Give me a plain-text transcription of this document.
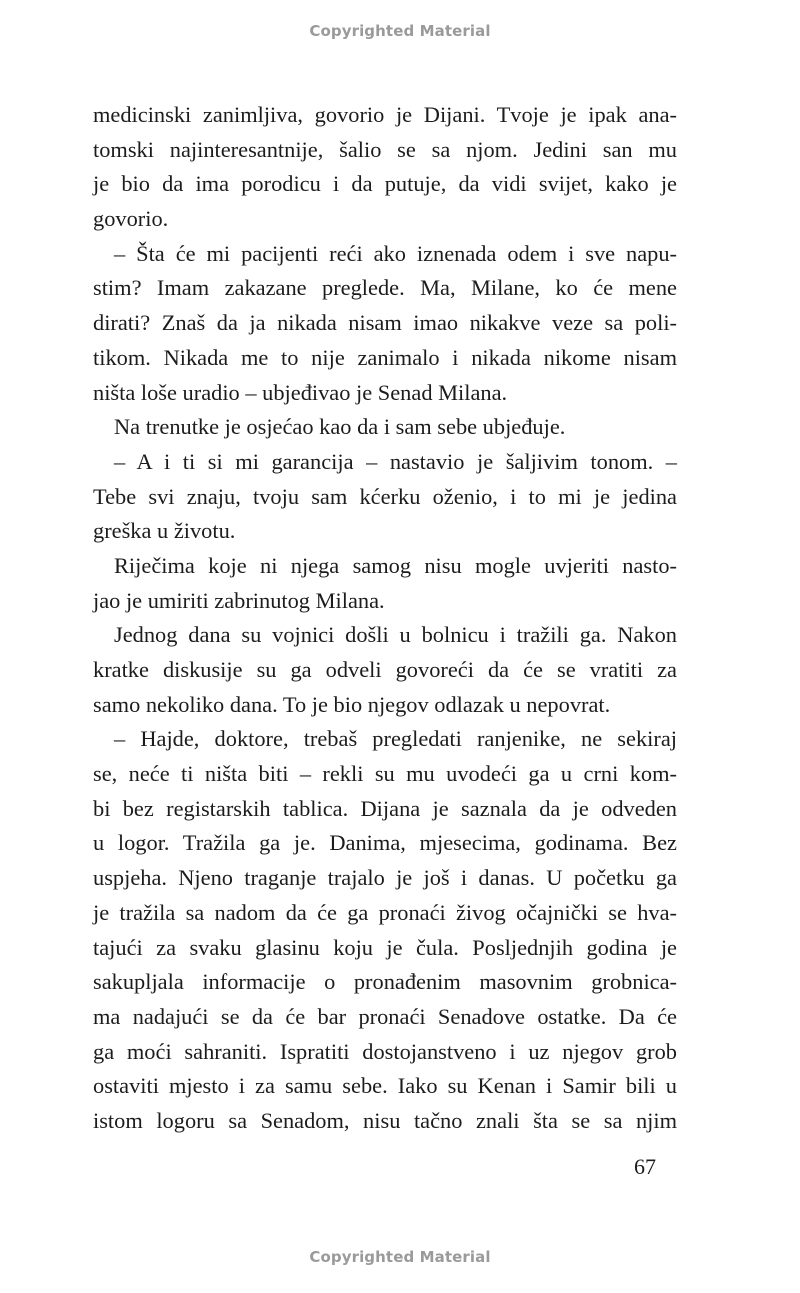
Copyrighted Material
medicinski zanimljiva, govorio je Dijani. Tvoje je ipak ana-
tomski najinteresantnije, šalio se sa njom. Jedini san mu
je bio da ima porodicu i da putuje, da vidi svijet, kako je
govorio.
– Šta će mi pacijenti reći ako iznenada odem i sve napu-
stim? Imam zakazane preglede. Ma, Milane, ko će mene
dirati? Znaš da ja nikada nisam imao nikakve veze sa poli-
tikom. Nikada me to nije zanimalo i nikada nikome nisam
ništa loše uradio – ubjeđivao je Senad Milana.
Na trenutke je osjećao kao da i sam sebe ubjeđuje.
– A i ti si mi garancija – nastavio je šaljivim tonom. –
Tebe svi znaju, tvoju sam kćerku oženio, i to mi je jedina
greška u životu.
Riječima koje ni njega samog nisu mogle uvjeriti nasto-
jao je umiriti zabrinutog Milana.
Jednog dana su vojnici došli u bolnicu i tražili ga. Nakon
kratke diskusije su ga odveli govoreći da će se vratiti za
samo nekoliko dana. To je bio njegov odlazak u nepovrat.
– Hajde, doktore, trebaš pregledati ranjenike, ne sekiraj
se, neće ti ništa biti – rekli su mu uvodeći ga u crni kom-
bi bez registarskih tablica. Dijana je saznala da je odveden
u logor. Tražila ga je. Danima, mjesecima, godinama. Bez
uspjeha. Njeno traganje trajalo je još i danas. U početku ga
je tražila sa nadom da će ga pronaći živog očajnički se hva-
tajući za svaku glasinu koju je čula. Posljednjih godina je
sakupljala informacije o pronađenim masovnim grobnica-
ma nadajući se da će bar pronaći Senadove ostatke. Da će
ga moći sahraniti. Ispratiti dostojanstveno i uz njegov grob
ostaviti mjesto i za samu sebe. Iako su Kenan i Samir bili u
istom logoru sa Senadom, nisu tačno znali šta se sa njim
67
Copyrighted Material
